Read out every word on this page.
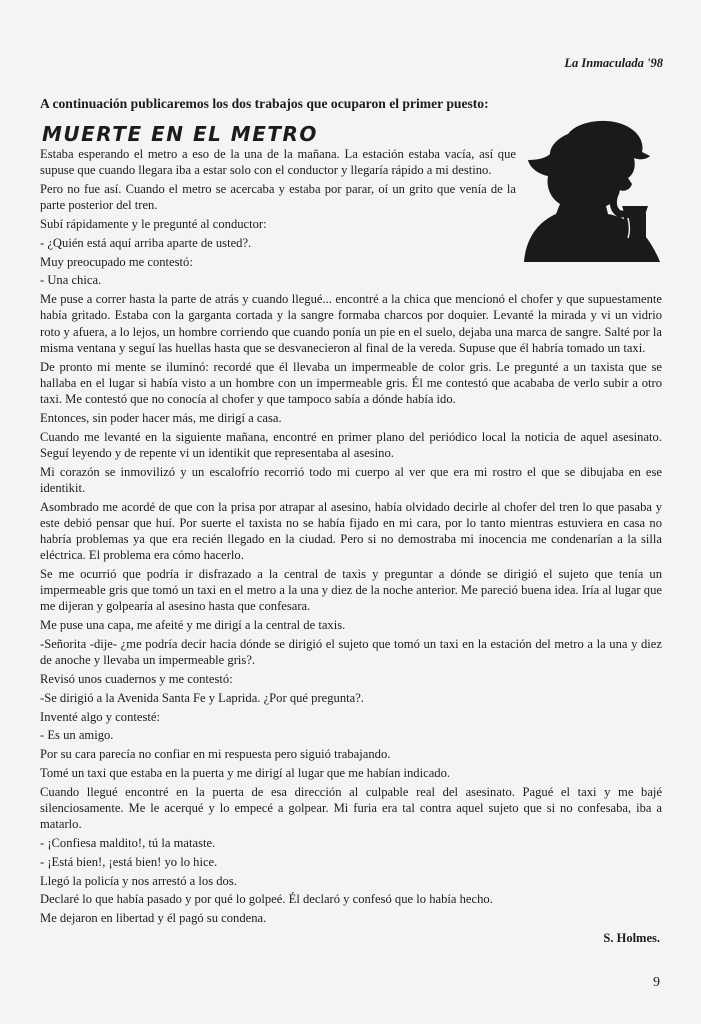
La Inmaculada '98
A continuación publicaremos los dos trabajos que ocuparon el primer puesto:
MUERTE EN EL METRO

Estaba esperando el metro a eso de la una de la mañana. La estación estaba vacía, así que supuse que cuando llegara iba a estar solo con el conductor y llegaría rápido a mi destino.

Pero no fue así. Cuando el metro se acercaba y estaba por parar, oí un grito que venía de la parte posterior del tren.

Subí rápidamente y le pregunté al conductor:

- ¿Quién está aquí arriba aparte de usted?.

Muy preocupado me contestó:

- Una chica.

Me puse a correr hasta la parte de atrás y cuando llegué... encontré a la chica que mencionó el chofer y que supuestamente había gritado. Estaba con la garganta cortada y la sangre formaba charcos por doquier. Levanté la mirada y vi un vidrio roto y afuera, a lo lejos, un hombre corriendo que cuando ponía un pie en el suelo, dejaba una marca de sangre. Salté por la misma ventana y seguí las huellas hasta que se desvanecieron al final de la vereda. Supuse que él habría tomado un taxi.

De pronto mi mente se iluminó: recordé que él llevaba un impermeable de color gris. Le pregunté a un taxista que se hallaba en el lugar si había visto a un hombre con un impermeable gris. Él me contestó que acababa de verlo subir a otro taxi. Me contestó que no conocía al chofer y que tampoco sabía a dónde había ido.

Entonces, sin poder hacer más, me dirigí a casa.

Cuando me levanté en la siguiente mañana, encontré en primer plano del periódico local la noticia de aquel asesinato. Seguí leyendo y de repente vi un identikit que representaba al asesino.

Mi corazón se inmovilizó y un escalofrío recorrió todo mi cuerpo al ver que era mi rostro el que se dibujaba en ese identikit.

Asombrado me acordé de que con la prisa por atrapar al asesino, había olvidado decirle al chofer del tren lo que pasaba y este debió pensar que huí. Por suerte el taxista no se había fijado en mi cara, por lo tanto mientras estuviera en casa no habría problemas ya que era recién llegado en la ciudad. Pero si no demostraba mi inocencia me condenarían a la silla eléctrica. El problema era cómo hacerlo.

Se me ocurrió que podría ir disfrazado a la central de taxis y preguntar a dónde se dirigió el sujeto que tenía un impermeable gris que tomó un taxi en el metro a la una y diez de la noche anterior. Me pareció buena idea. Iría al lugar que me dijeran y golpearía al asesino hasta que confesara.

Me puse una capa, me afeité y me dirigí a la central de taxis.

-Señorita -dije- ¿me podría decir hacia dónde se dirigió el sujeto que tomó un taxi en la estación del metro a la una y diez de anoche y llevaba un impermeable gris?.

Revisó unos cuadernos y me contestó:

-Se dirigió a la Avenida Santa Fe y Laprida. ¿Por qué pregunta?.

Inventé algo y contesté:

- Es un amigo.

Por su cara parecía no confiar en mi respuesta pero siguió trabajando.

Tomé un taxi que estaba en la puerta y me dirigí al lugar que me habían indicado.

Cuando llegué encontré en la puerta de esa dirección al culpable real del asesinato. Pagué el taxi y me bajé silenciosamente. Me le acerqué y lo empecé a golpear. Mi furia era tal contra aquel sujeto que si no confesaba, iba a matarlo.

- ¡Confiesa maldito!, tú la mataste.

- ¡Está bien!, ¡está bien! yo lo hice.

Llegó la policía y nos arrestó a los dos.

Declaré lo que había pasado y por qué lo golpeé. Él declaró y confesó que lo había hecho.

Me dejaron en libertad y él pagó su condena.

S. Holmes.
9
